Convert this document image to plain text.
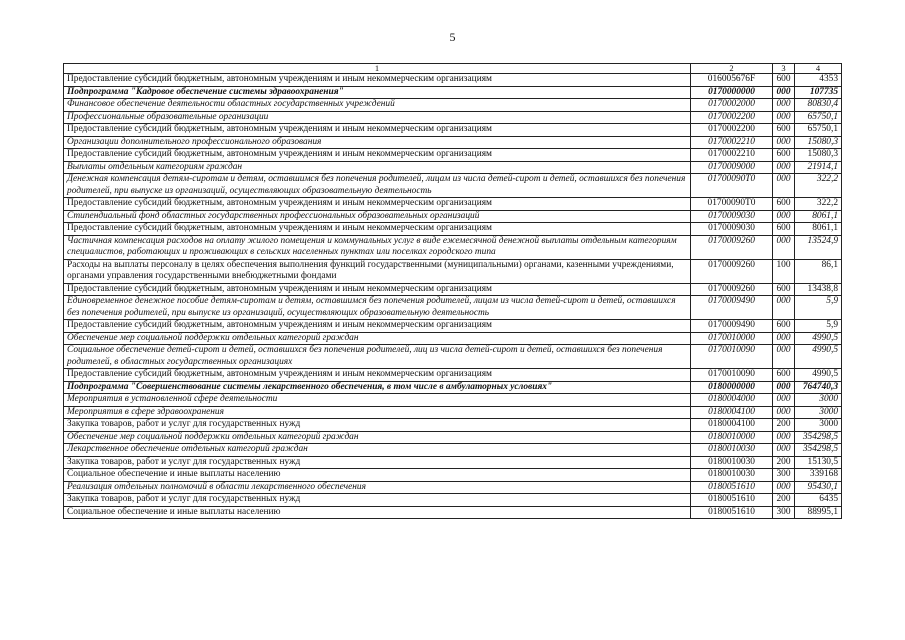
5
1	2	3	4
Предоставление субсидий бюджетным, автономным учреждениям и иным некоммерческим организациям	016005676F	600	4353
Подпрограмма "Кадровое обеспечение системы здравоохранения"	0170000000	000	107735
Финансовое обеспечение деятельности областных государственных учреждений	0170002000	000	80830,4
Профессиональные образовательные организации	0170002200	000	65750,1
Предоставление субсидий бюджетным, автономным учреждениям и иным некоммерческим организациям	0170002200	600	65750,1
Организации дополнительного профессионального образования	0170002210	000	15080,3
Предоставление субсидий бюджетным, автономным учреждениям и иным некоммерческим организациям	0170002210	600	15080,3
Выплаты отдельным категориям граждан	0170009000	000	21914,1
Денежная компенсация детям-сиротам и детям, оставшимся без попечения родителей, лицам из числа детей-сирот и детей, оставшихся без попечения родителей, при выпуске из организаций, осуществляющих образовательную деятельность	01700090Т0	000	322,2
Предоставление субсидий бюджетным, автономным учреждениям и иным некоммерческим организациям	01700090Т0	600	322,2
Стипендиальный фонд областных государственных профессиональных образовательных организаций	0170009030	000	8061,1
Предоставление субсидий бюджетным, автономным учреждениям и иным некоммерческим организациям	0170009030	600	8061,1
Частичная компенсация расходов на оплату жилого помещения и коммунальных услуг в виде ежемесячной денежной выплаты отдельным категориям специалистов, работающих и проживающих в сельских населенных пунктах или поселках городского типа	0170009260	000	13524,9
Расходы на выплаты персоналу в целях обеспечения выполнения функций государственными (муниципальными) органами, казенными учреждениями, органами управления государственными внебюджетными фондами	0170009260	100	86,1
Предоставление субсидий бюджетным, автономным учреждениям и иным некоммерческим организациям	0170009260	600	13438,8
Единовременное денежное пособие детям-сиротам и детям, оставшимся без попечения родителей, лицам из числа детей-сирот и детей, оставшихся без попечения родителей, при выпуске из организаций, осуществляющих образовательную деятельность	0170009490	000	5,9
Предоставление субсидий бюджетным, автономным учреждениям и иным некоммерческим организациям	0170009490	600	5,9
Обеспечение мер социальной поддержки отдельных категорий граждан	0170010000	000	4990,5
Социальное обеспечение детей-сирот и детей, оставшихся без попечения родителей, лиц из числа детей-сирот и детей, оставшихся без попечения родителей, в областных государственных организациях	0170010090	000	4990,5
Предоставление субсидий бюджетным, автономным учреждениям и иным некоммерческим организациям	0170010090	600	4990,5
Подпрограмма "Совершенствование системы лекарственного обеспечения, в том числе в амбулаторных условиях"	0180000000	000	764740,3
Мероприятия в установленной сфере деятельности	0180004000	000	3000
Мероприятия в сфере здравоохранения	0180004100	000	3000
Закупка товаров, работ и услуг для государственных нужд	0180004100	200	3000
Обеспечение мер социальной поддержки отдельных категорий граждан	0180010000	000	354298,5
Лекарственное обеспечение отдельных категорий граждан	0180010030	000	354298,5
Закупка товаров, работ и услуг для государственных нужд	0180010030	200	15130,5
Социальное обеспечение и иные выплаты населению	0180010030	300	339168
Реализация отдельных полномочий в области лекарственного обеспечения	0180051610	000	95430,1
Закупка товаров, работ и услуг для государственных нужд	0180051610	200	6435
Социальное обеспечение и иные выплаты населению	0180051610	300	88995,1
